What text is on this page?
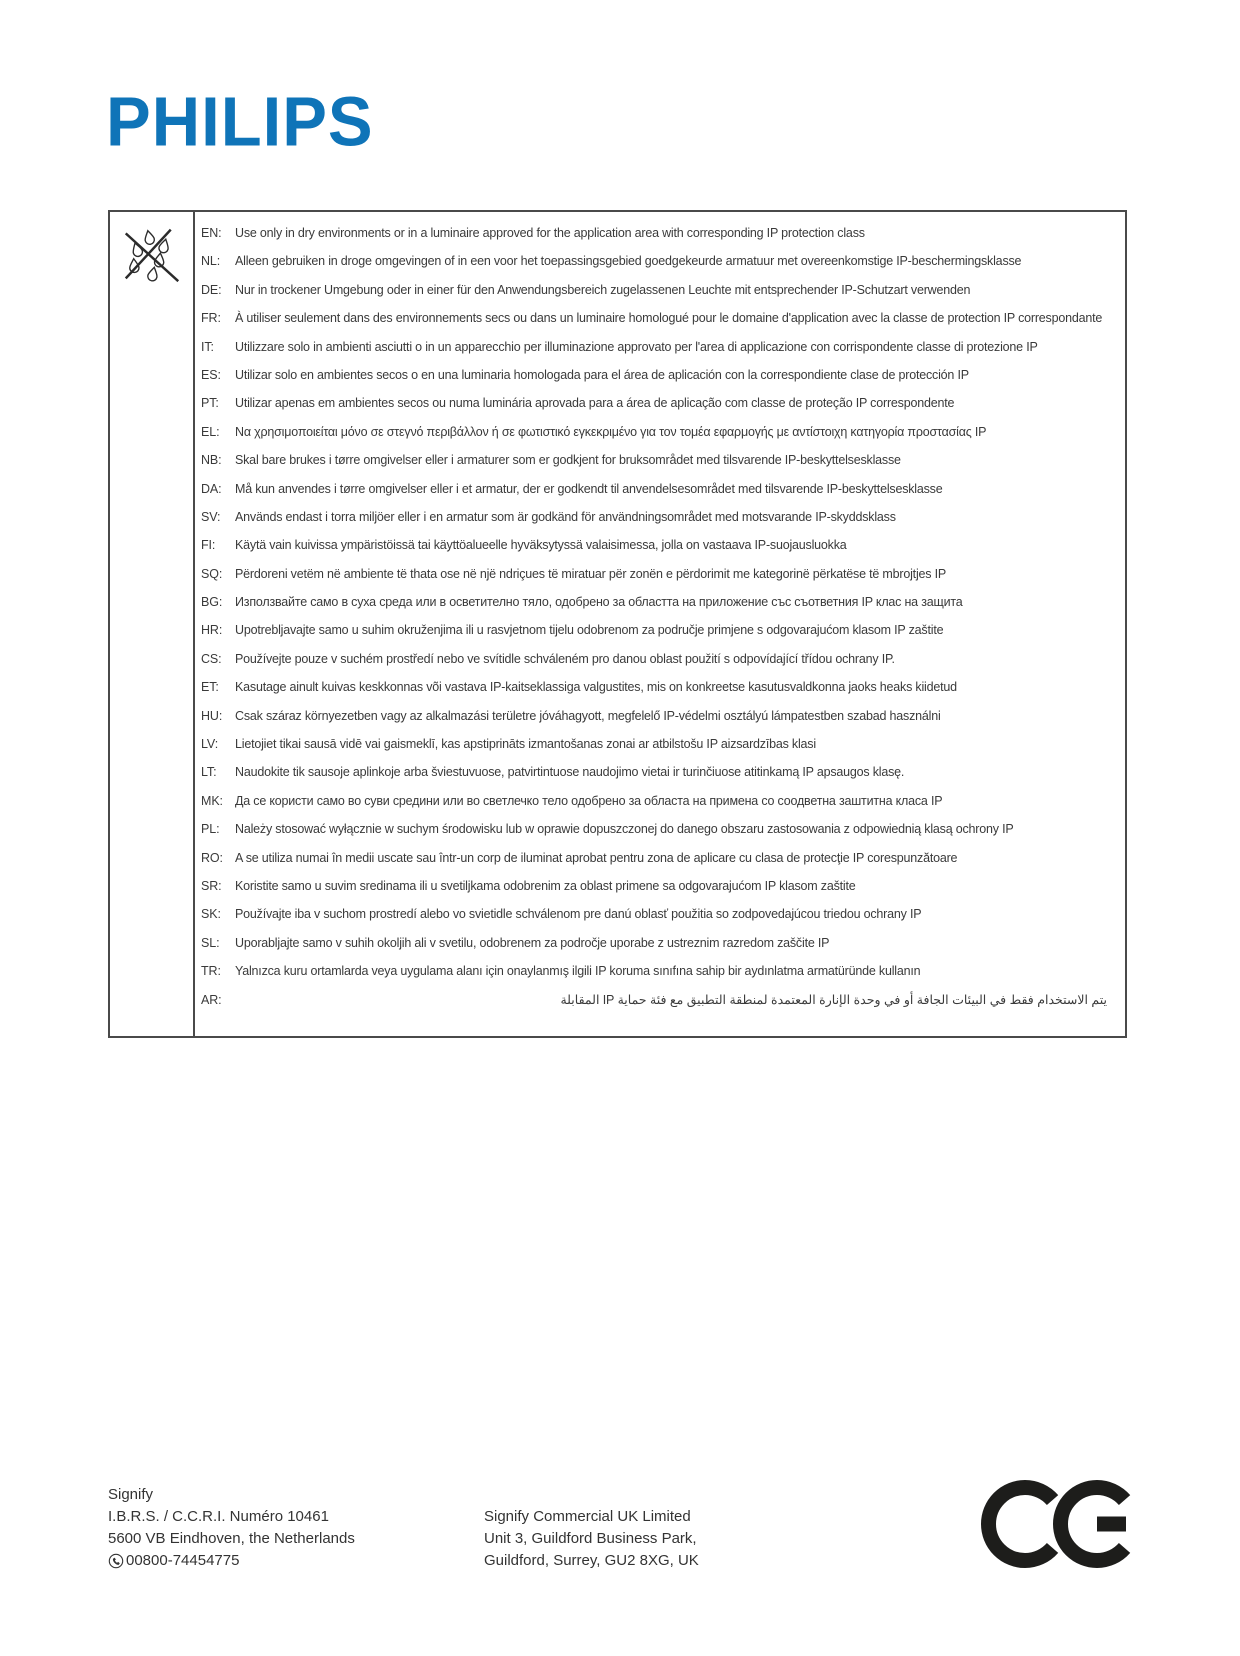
PHILIPS
EN:	Use only in dry environments or in a luminaire approved for the application area with corresponding IP protection class
NL:	Alleen gebruiken in droge omgevingen of in een voor het toepassingsgebied goedgekeurde armatuur met overeenkomstige IP-beschermingsklasse
DE:	Nur in trockener Umgebung oder in einer für den Anwendungsbereich zugelassenen Leuchte mit entsprechender IP-Schutzart verwenden
FR:	À utiliser seulement dans des environnements secs ou dans un luminaire homologué pour le domaine d'application avec la classe de protection IP correspondante
IT:	Utilizzare solo in ambienti asciutti o in un apparecchio per illuminazione approvato per l'area di applicazione con corrispondente classe di protezione IP
ES:	Utilizar solo en ambientes secos o en una luminaria homologada para el área de aplicación con la correspondiente clase de protección IP
PT:	Utilizar apenas em ambientes secos ou numa luminária aprovada para a área de aplicação com classe de proteção IP correspondente
EL:	Να χρησιμοποιείται μόνο σε στεγνό περιβάλλον ή σε φωτιστικό εγκεκριμένο για τον τομέα εφαρμογής με αντίστοιχη κατηγορία προστασίας IP
NB:	Skal bare brukes i tørre omgivelser eller i armaturer som er godkjent for bruksområdet med tilsvarende IP-beskyttelsesklasse
DA:	Må kun anvendes i tørre omgivelser eller i et armatur, der er godkendt til anvendelsesområdet med tilsvarende IP-beskyttelsesklasse
SV:	Används endast i torra miljöer eller i en armatur som är godkänd för användningsområdet med motsvarande IP-skyddsklass
FI:	Käytä vain kuivissa ympäristöissä tai käyttöalueelle hyväksytyssä valaisimessa, jolla on vastaava IP-suojausluokka
SQ:	Përdoreni vetëm në ambiente të thata ose në një ndriçues të miratuar për zonën e përdorimit me kategorinë përkatëse të mbrojtjes IP
BG:	Използвайте само в суха среда или в осветително тяло, одобрено за областта на приложение със съответния IP клас на защита
HR:	Upotrebljavajte samo u suhim okruženjima ili u rasvjetnom tijelu odobrenom za područje primjene s odgovarajućom klasom IP zaštite
CS:	Používejte pouze v suchém prostředí nebo ve svítidle schváleném pro danou oblast použití s odpovídající třídou ochrany IP.
ET:	Kasutage ainult kuivas keskkonnas või vastava IP-kaitseklassiga valgustites, mis on konkreetse kasutusvaldkonna jaoks heaks kiidetud
HU:	Csak száraz környezetben vagy az alkalmazási területre jóváhagyott, megfelelő IP-védelmi osztályú lámpatestben szabad használni
LV:	Lietojiet tikai sausā vidē vai gaismeklī, kas apstiprināts izmantošanas zonai ar atbilstošu IP aizsardzības klasi
LT:	Naudokite tik sausoje aplinkoje arba šviestuvuose, patvirtintuose naudojimo vietai ir turinčiuose atitinkamą IP apsaugos klasę.
MK: Да се користи само во суви средини или во светлечко тело одобрено за областа на примена со соодветна заштитна класа IP
PL:	Należy stosować wyłącznie w suchym środowisku lub w oprawie dopuszczonej do danego obszaru zastosowania z odpowiednią klasą ochrony IP
RO: A se utiliza numai în medii uscate sau într-un corp de iluminat aprobat pentru zona de aplicare cu clasa de protecţie IP corespunzătoare
SR:	Koristite samo u suvim sredinama ili u svetiljkama odobrenim za oblast primene sa odgovarajućom IP klasom zaštite
SK:	Používajte iba v suchom prostredí alebo vo svietidle schválenom pre danú oblasť použitia so zodpovedajúcou triedou ochrany IP
SL:	Uporabljajte samo v suhih okoljih ali v svetilu, odobrenem za področje uporabe z ustreznim razredom zaščite IP
TR:	Yalnızca kuru ortamlarda veya uygulama alanı için onaylanmış ilgili IP koruma sınıfına sahip bir aydınlatma armatüründe kullanın
AR:	يتم الاستخدام فقط في البيئات الجافة أو في وحدة الإنارة المعتمدة لمنطقة التطبيق مع فئة حماية IP المقابلة
Signify
I.B.R.S. / C.C.R.I. Numéro 10461
5600 VB Eindhoven, the Netherlands
00800-74454775
Signify Commercial UK Limited
Unit 3, Guildford Business Park,
Guildford, Surrey, GU2 8XG, UK
